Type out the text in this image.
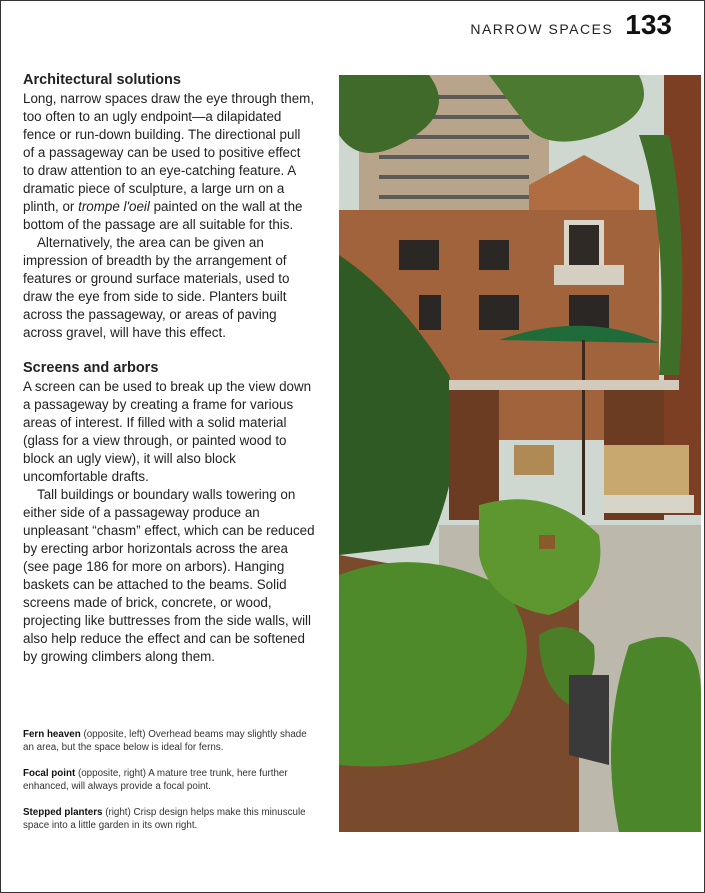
NARROW SPACES 133
Architectural solutions

Long, narrow spaces draw the eye through them, too often to an ugly endpoint—a dilapidated fence or run-down building. The directional pull of a passageway can be used to positive effect to draw attention to an eye-catching feature. A dramatic piece of sculpture, a large urn on a plinth, or trompe l'oeil painted on the wall at the bottom of the passage are all suitable for this.

Alternatively, the area can be given an impression of breadth by the arrangement of features or ground surface materials, used to draw the eye from side to side. Planters built across the passageway, or areas of paving across gravel, will have this effect.

Screens and arbors

A screen can be used to break up the view down a passageway by creating a frame for various areas of interest. If filled with a solid material (glass for a view through, or painted wood to block an ugly view), it will also block uncomfortable drafts.

Tall buildings or boundary walls towering on either side of a passageway produce an unpleasant “chasm” effect, which can be reduced by erecting arbor horizontals across the area (see page 186 for more on arbors). Hanging baskets can be attached to the beams. Solid screens made of brick, concrete, or wood, projecting like buttresses from the side walls, will also help reduce the effect and can be softened by growing climbers along them.

Fern heaven (opposite, left) Overhead beams may slightly shade an area, but the space below is ideal for ferns.

Focal point (opposite, right) A mature tree trunk, here further enhanced, will always provide a focal point.

Stepped planters (right) Crisp design helps make this minuscule space into a little garden in its own right.
